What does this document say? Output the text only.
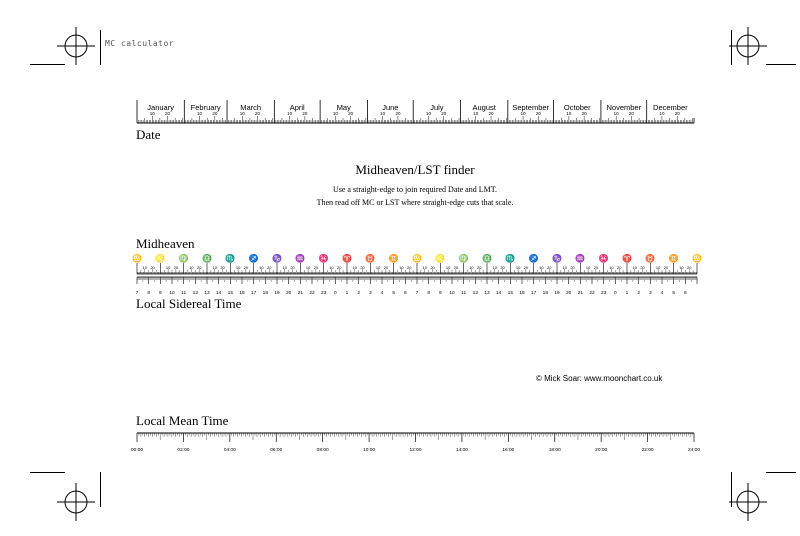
MC calculator
January
10 20
February
10 20
March
10 20
April
10 20
May
10 20
June
10 20
July
10 20
August
10 20
September
10 20
October
10 20
November
10 20
December
10 20
Date
Midheaven/LST finder
Use a straight-edge to join required Date and LMT.
Then read off MC or LST where straight-edge cuts that scale.
Midheaven
♋
10 20
♌
10 20
♍
10 20
♎
10 20
♏
10 20
♐
10 20
♑
10 20
♒
10 20
♓
10 20
♈
10 20
♉
10 20
♊
10 20
♋
10 20
♌
10 20
♍
10 20
♎
10 20
♏
10 20
♐
10 20
♑
10 20
♒
10 20
♓
10 20
♈
10 20
♉
10 20
♊
10 20
♋
7 8 9 10 11 12 13 14 15 16 17 18 19 20 21 22 23 0 1 2 3 4 5 6 7 8 9 10 11 12 13 14 15 16 17 18 19 20 21 22 23 0 1 2 3 4 5 6
Local Sidereal Time
© Mick Soar: www.moonchart.co.uk
Local Mean Time
00:00	02:00	04:00	06:00	08:00	10:00	12:00	14:00	16:00	18:00	20:00	22:00	24:00
